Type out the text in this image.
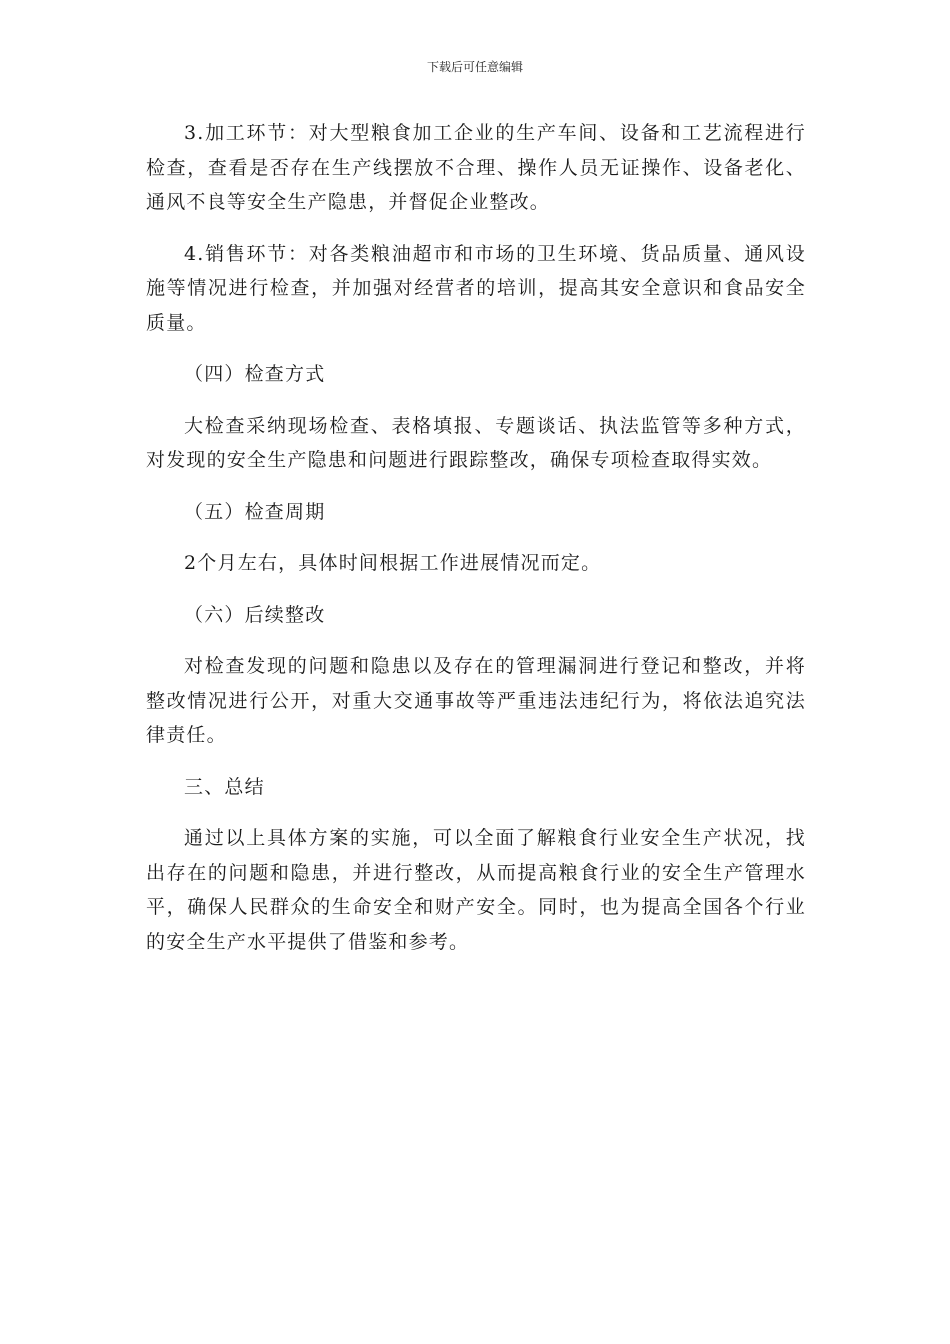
下载后可任意编辑

3.加工环节：对大型粮食加工企业的生产车间、设备和工艺流程进行检查，查看是否存在生产线摆放不合理、操作人员无证操作、设备老化、通风不良等安全生产隐患，并督促企业整改。

4.销售环节：对各类粮油超市和市场的卫生环境、货品质量、通风设施等情况进行检查，并加强对经营者的培训，提高其安全意识和食品安全质量。

（四）检查方式

大检查采纳现场检查、表格填报、专题谈话、执法监管等多种方式，对发现的安全生产隐患和问题进行跟踪整改，确保专项检查取得实效。

（五）检查周期

2个月左右，具体时间根据工作进展情况而定。

（六）后续整改

对检查发现的问题和隐患以及存在的管理漏洞进行登记和整改，并将整改情况进行公开，对重大交通事故等严重违法违纪行为，将依法追究法律责任。

三、总结

通过以上具体方案的实施，可以全面了解粮食行业安全生产状况，找出存在的问题和隐患，并进行整改，从而提高粮食行业的安全生产管理水平，确保人民群众的生命安全和财产安全。同时，也为提高全国各个行业的安全生产水平提供了借鉴和参考。
